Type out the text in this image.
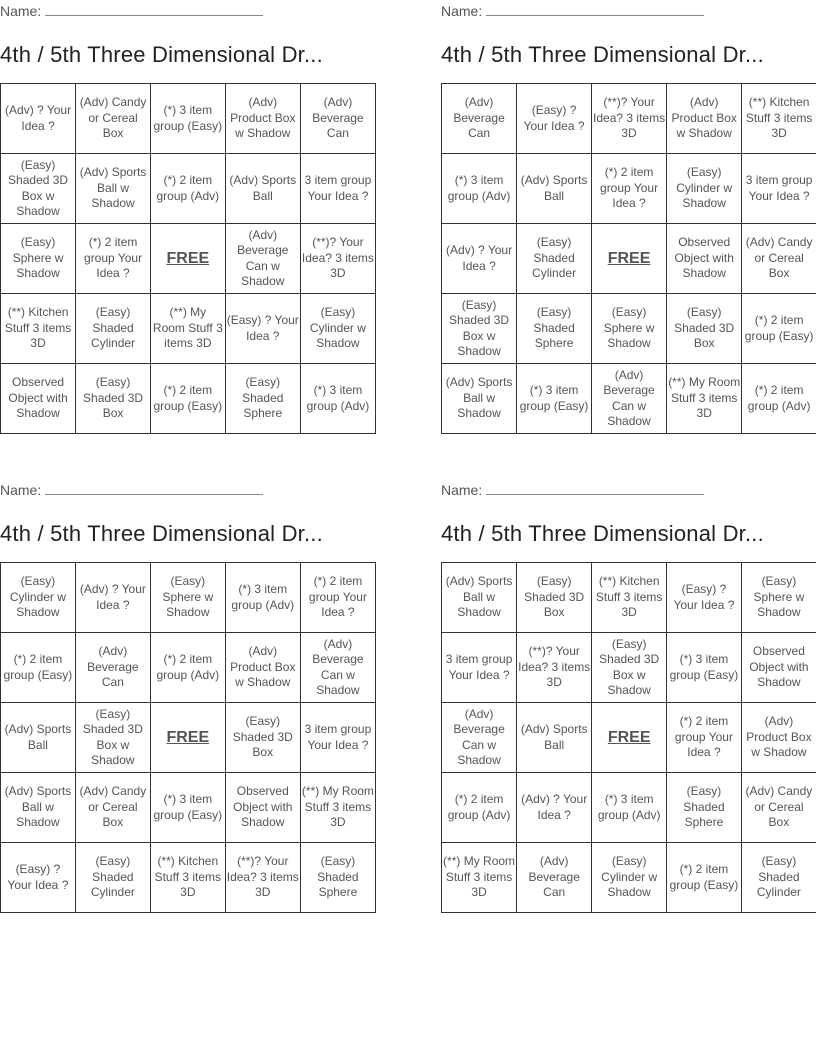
Name:
4th / 5th Three Dimensional Dr...
(Adv) ? Your Idea ?	(Adv) Candy or Cereal Box	(*) 3 item group (Easy)	(Adv) Product Box w Shadow	(Adv) Beverage Can
(Easy) Shaded 3D Box w Shadow	(Adv) Sports Ball w Shadow	(*) 2 item group (Adv)	(Adv) Sports Ball	3 item group Your Idea ?
(Easy) Sphere w Shadow	(*) 2 item group Your Idea ?	FREE	(Adv) Beverage Can w Shadow	(**)? Your Idea? 3 items 3D
(**) Kitchen Stuff 3 items 3D	(Easy) Shaded Cylinder	(**) My Room Stuff 3 items 3D	(Easy) ? Your Idea ?	(Easy) Cylinder w Shadow
Observed Object with Shadow	(Easy) Shaded 3D Box	(*) 2 item group (Easy)	(Easy) Shaded Sphere	(*) 3 item group (Adv)
Name:
4th / 5th Three Dimensional Dr...
(Adv) Beverage Can	(Easy) ? Your Idea ?	(**)? Your Idea? 3 items 3D	(Adv) Product Box w Shadow	(**) Kitchen Stuff 3 items 3D
(*) 3 item group (Adv)	(Adv) Sports Ball	(*) 2 item group Your Idea ?	(Easy) Cylinder w Shadow	3 item group Your Idea ?
(Adv) ? Your Idea ?	(Easy) Shaded Cylinder	FREE	Observed Object with Shadow	(Adv) Candy or Cereal Box
(Easy) Shaded 3D Box w Shadow	(Easy) Shaded Sphere	(Easy) Sphere w Shadow	(Easy) Shaded 3D Box	(*) 2 item group (Easy)
(Adv) Sports Ball w Shadow	(*) 3 item group (Easy)	(Adv) Beverage Can w Shadow	(**) My Room Stuff 3 items 3D	(*) 2 item group (Adv)
Name:
4th / 5th Three Dimensional Dr...
(Easy) Cylinder w Shadow	(Adv) ? Your Idea ?	(Easy) Sphere w Shadow	(*) 3 item group (Adv)	(*) 2 item group Your Idea ?
(*) 2 item group (Easy)	(Adv) Beverage Can	(*) 2 item group (Adv)	(Adv) Product Box w Shadow	(Adv) Beverage Can w Shadow
(Adv) Sports Ball	(Easy) Shaded 3D Box w Shadow	FREE	(Easy) Shaded 3D Box	3 item group Your Idea ?
(Adv) Sports Ball w Shadow	(Adv) Candy or Cereal Box	(*) 3 item group (Easy)	Observed Object with Shadow	(**) My Room Stuff 3 items 3D
(Easy) ? Your Idea ?	(Easy) Shaded Cylinder	(**) Kitchen Stuff 3 items 3D	(**)? Your Idea? 3 items 3D	(Easy) Shaded Sphere
Name:
4th / 5th Three Dimensional Dr...
(Adv) Sports Ball w Shadow	(Easy) Shaded 3D Box	(**) Kitchen Stuff 3 items 3D	(Easy) ? Your Idea ?	(Easy) Sphere w Shadow
3 item group Your Idea ?	(**)? Your Idea? 3 items 3D	(Easy) Shaded 3D Box w Shadow	(*) 3 item group (Easy)	Observed Object with Shadow
(Adv) Beverage Can w Shadow	(Adv) Sports Ball	FREE	(*) 2 item group Your Idea ?	(Adv) Product Box w Shadow
(*) 2 item group (Adv)	(Adv) ? Your Idea ?	(*) 3 item group (Adv)	(Easy) Shaded Sphere	(Adv) Candy or Cereal Box
(**) My Room Stuff 3 items 3D	(Adv) Beverage Can	(Easy) Cylinder w Shadow	(*) 2 item group (Easy)	(Easy) Shaded Cylinder
